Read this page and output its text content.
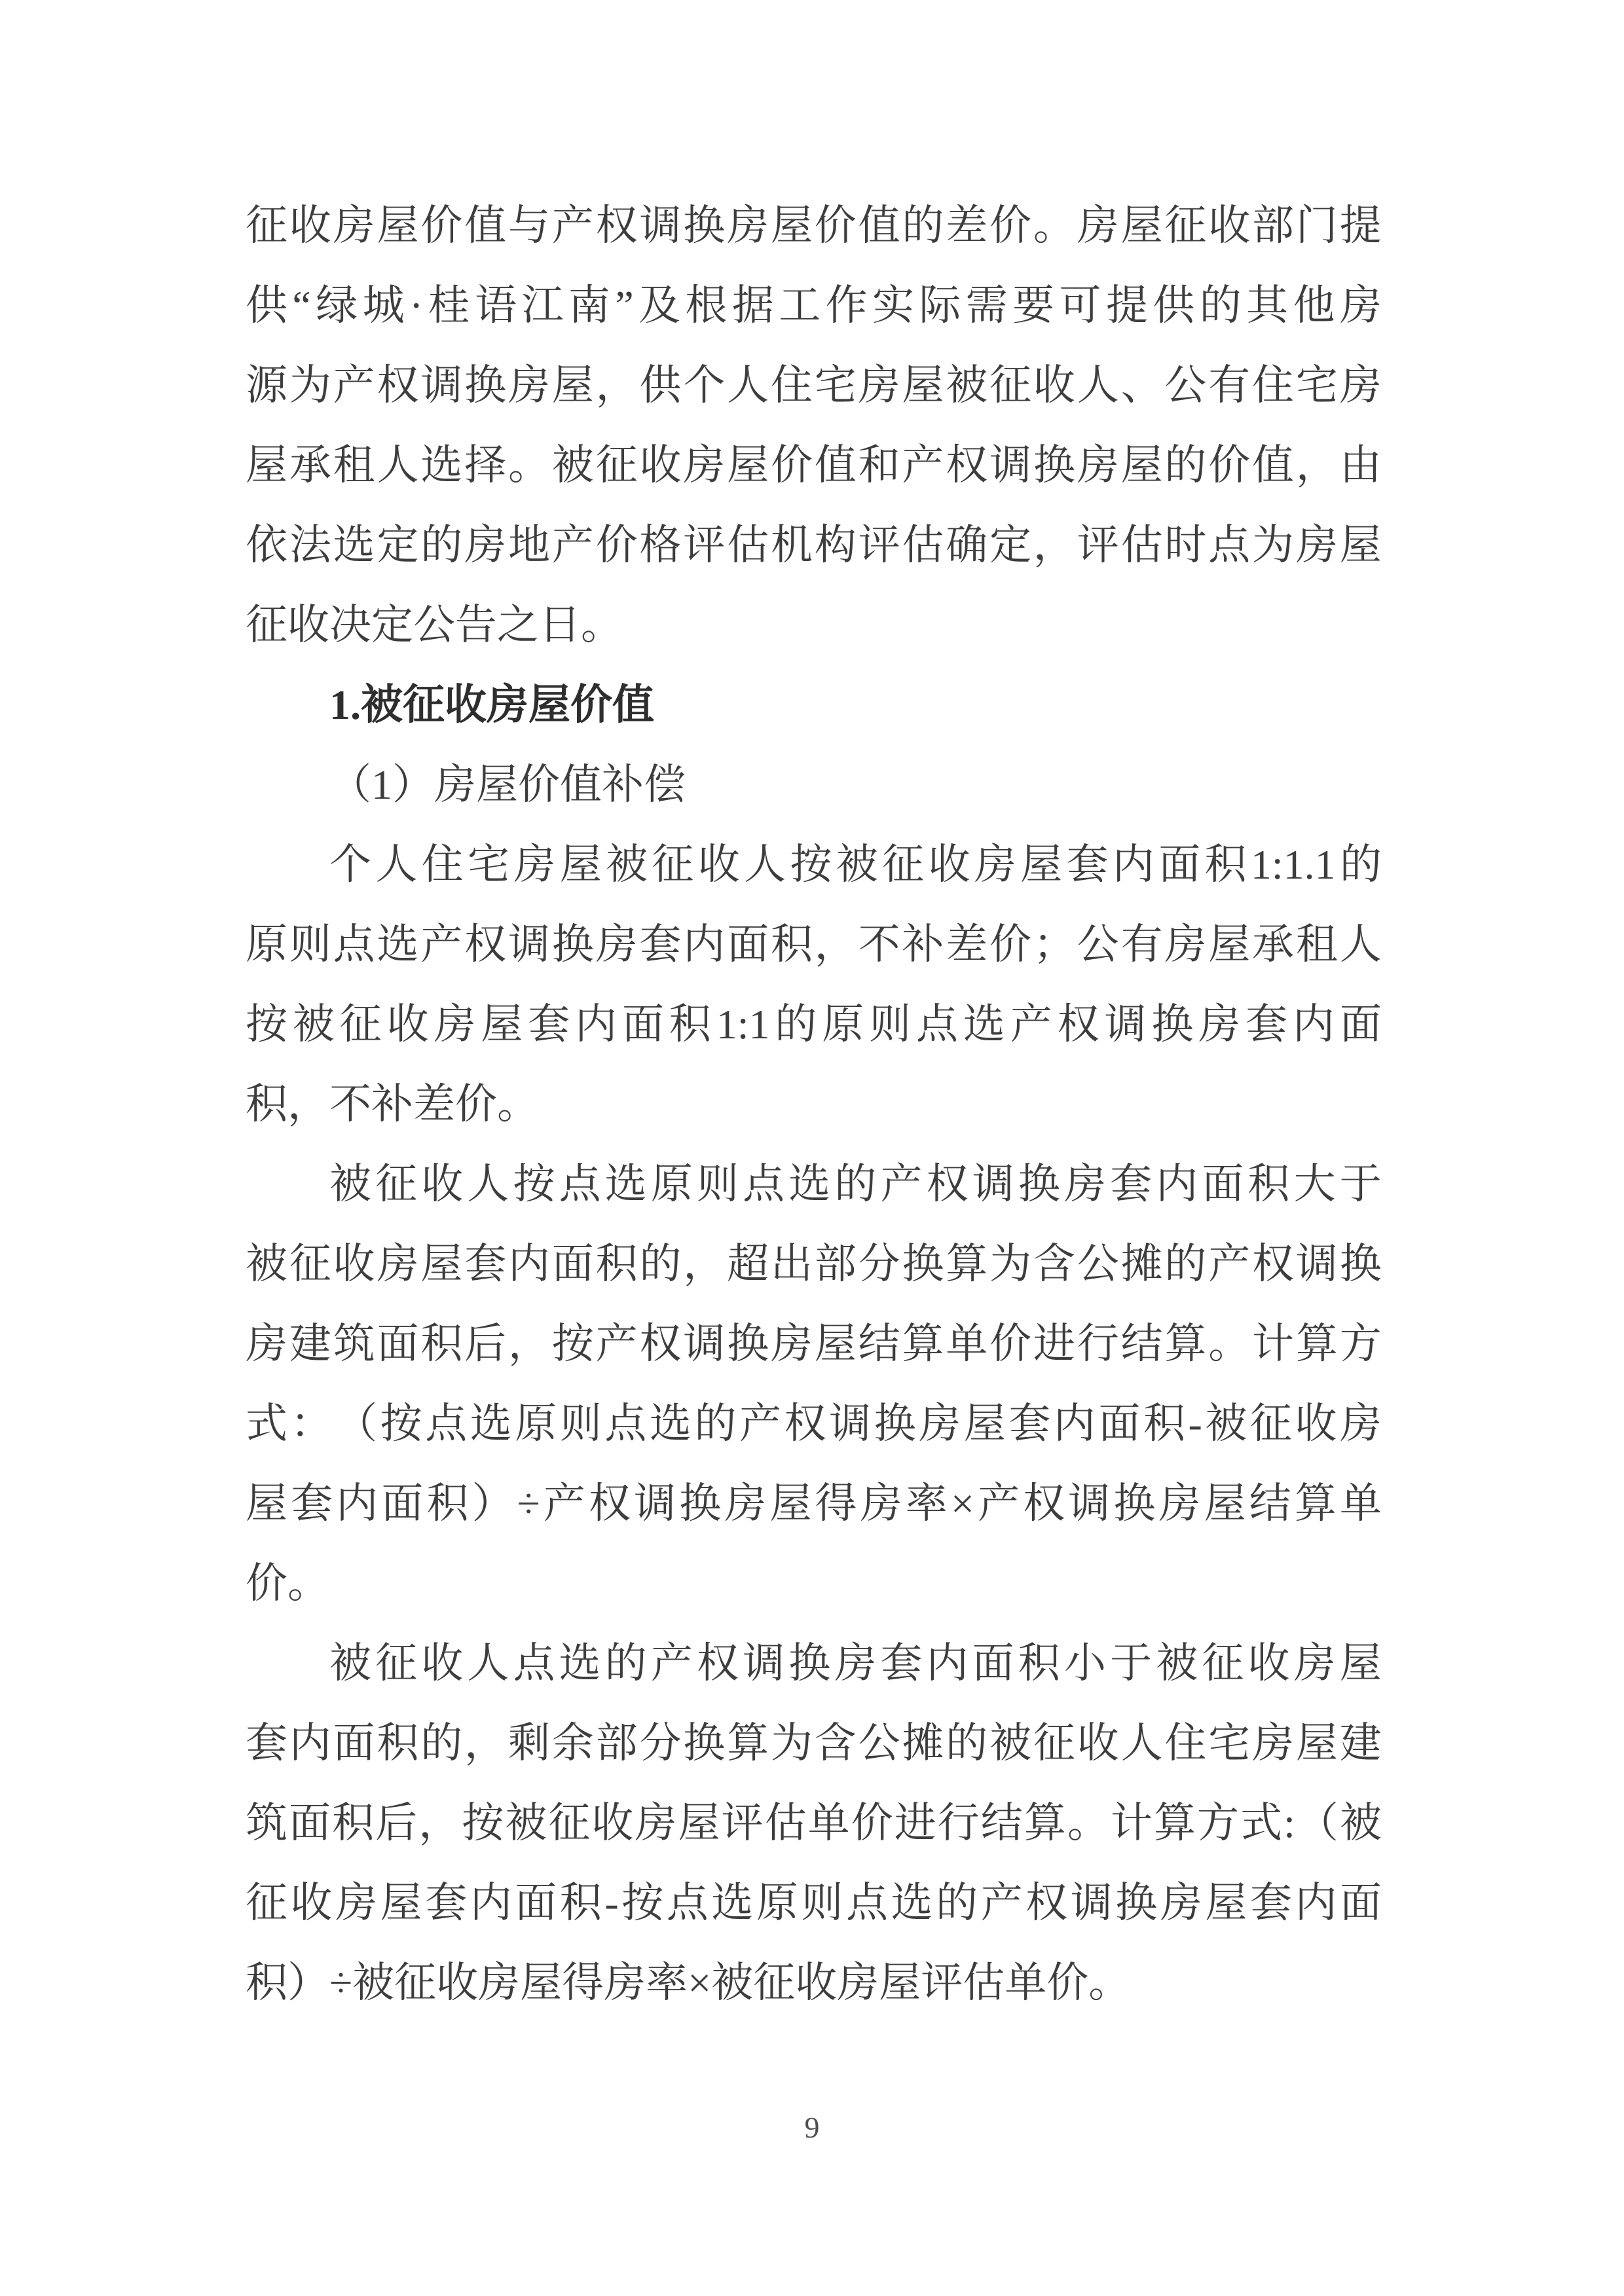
征 收 房 屋 价 值 与 产 权 调 换 房 屋 价 值 的 差 价 。 房 屋 征 收 部 门 提
供 “ 绿 城 · 桂 语 江 南 ” 及 根 据 工 作 实 际 需 要 可 提 供 的 其 他 房
源 为 产 权 调 换 房 屋 ， 供 个 人 住 宅 房 屋 被 征 收 人 、 公 有 住 宅 房
屋 承 租 人 选 择 。 被 征 收 房 屋 价 值 和 产 权 调 换 房 屋 的 价 值 ， 由
依 法 选 定 的 房 地 产 价 格 评 估 机 构 评 估 确 定 ， 评 估 时 点 为 房 屋
征收决定公告之日。
1.被征收房屋价值
（1）房屋价值补偿
个 人 住 宅 房 屋 被 征 收 人 按 被 征 收 房 屋 套 内 面 积 1:1.1 的
原 则 点 选 产 权 调 换 房 套 内 面 积 ， 不 补 差 价 ； 公 有 房 屋 承 租 人
按 被 征 收 房 屋 套 内 面 积 1:1 的 原 则 点 选 产 权 调 换 房 套 内 面
积，不补差价。
被 征 收 人 按 点 选 原 则 点 选 的 产 权 调 换 房 套 内 面 积 大 于
被 征 收 房 屋 套 内 面 积 的 ， 超 出 部 分 换 算 为 含 公 摊 的 产 权 调 换
房 建 筑 面 积 后 ， 按 产 权 调 换 房 屋 结 算 单 价 进 行 结 算 。 计 算 方
式 ： （ 按 点 选 原 则 点 选 的 产 权 调 换 房 屋 套 内 面 积 - 被 征 收 房
屋 套 内 面 积 ） ÷ 产 权 调 换 房 屋 得 房 率 × 产 权 调 换 房 屋 结 算 单
价。
被 征 收 人 点 选 的 产 权 调 换 房 套 内 面 积 小 于 被 征 收 房 屋
套 内 面 积 的 ， 剩 余 部 分 换 算 为 含 公 摊 的 被 征 收 人 住 宅 房 屋 建
筑 面 积 后 ， 按 被 征 收 房 屋 评 估 单 价 进 行 结 算 。 计 算 方 式 : （ 被
征 收 房 屋 套 内 面 积 - 按 点 选 原 则 点 选 的 产 权 调 换 房 屋 套 内 面
积）÷被征收房屋得房率×被征收房屋评估单价。
9
